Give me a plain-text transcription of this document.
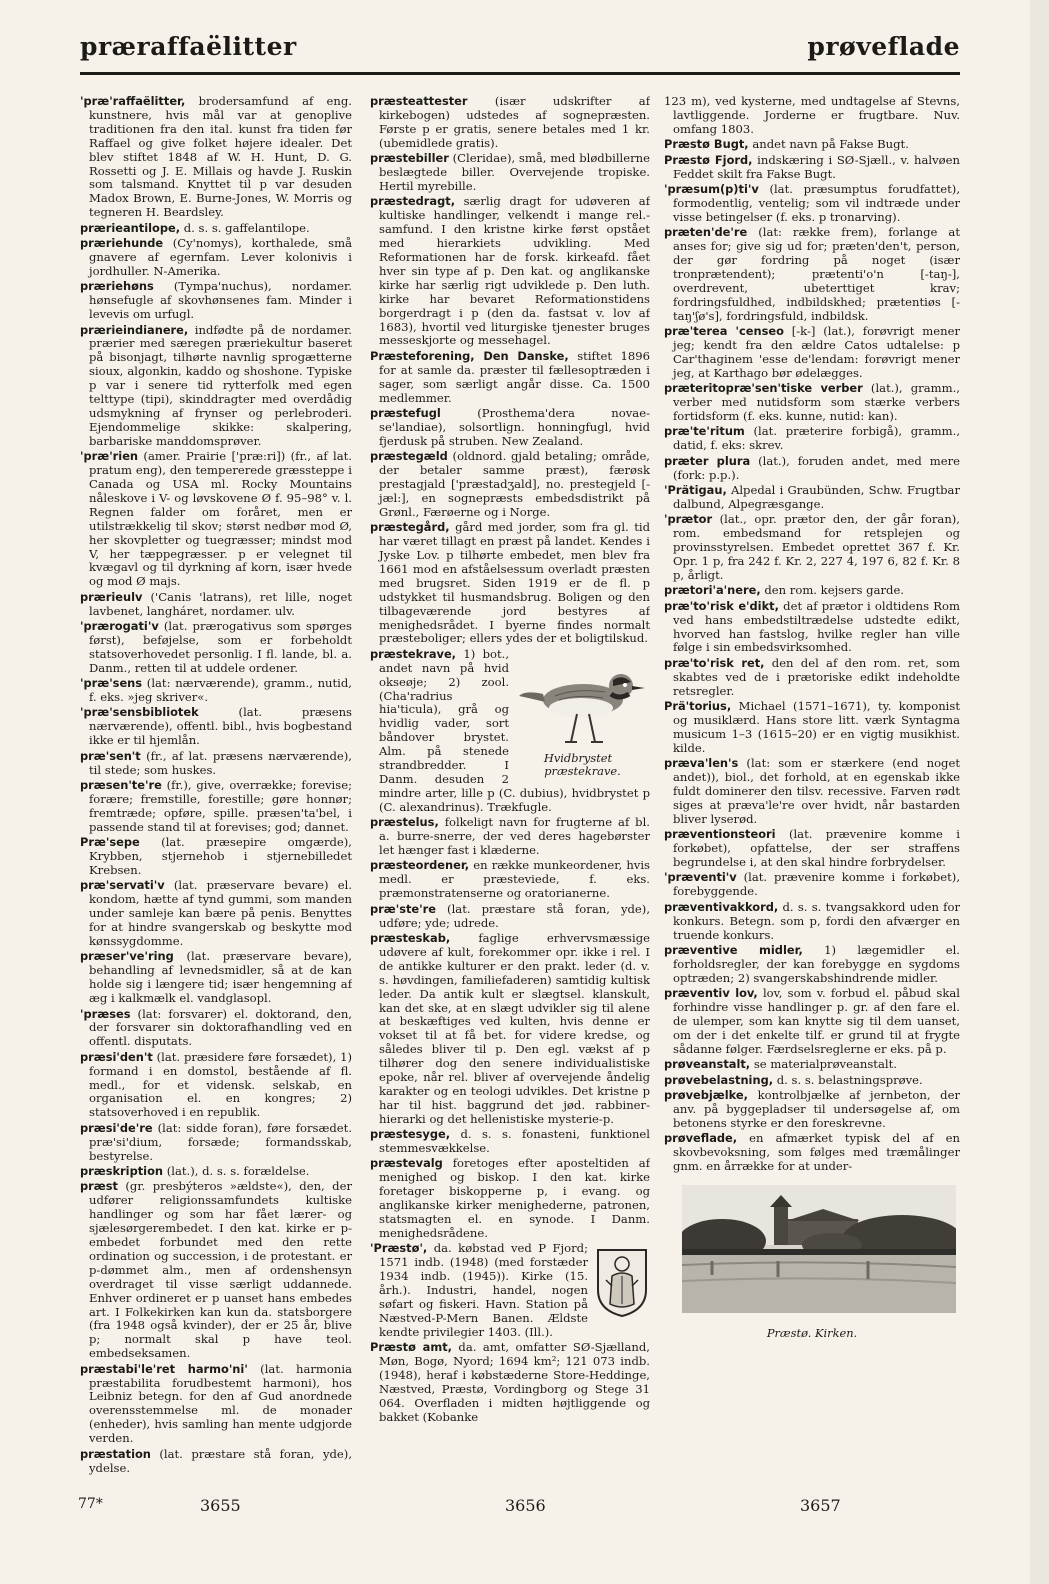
præraffaëlitter	prøveflade
'præ'raffaëlitter, brodersamfund af eng. kunstnere, hvis mål var at genoplive traditionen fra den ital. kunst fra tiden før Raffael og give folket højere idealer. Det blev stiftet 1848 af W. H. Hunt, D. G. Rossetti og J. E. Millais og havde J. Ruskin som talsmand. Knyttet til p var desuden Madox Brown, E. Burne-Jones, W. Morris og tegneren H. Beardsley.
prærieantilope, d. s. s. gaffelantilope.
præriehunde (Cy'nomys), korthalede, små gnavere af egernfam. Lever kolonivis i jordhuller. N-Amerika.
præriehøns (Tympa'nuchus), nordamer. hønsefugle af skovhønsenes fam. Minder i levevis om urfugl.
prærieindianere, indfødte på de nordamer. prærier med særegen præriekultur baseret på bisonjagt, tilhørte navnlig sprogætterne sioux, algonkin, kaddo og shoshone. Typiske p var i senere tid rytterfolk med egen telttype (tipi), skinddragter med overdådig udsmykning af frynser og perlebroderi. Ejendommelige skikke: skalpering, barbariske manddomsprøver.
'præ'rien (amer. Prairie ['præ:ri]) (fr., af lat. pratum eng), den tempererede græssteppe i Canada og USA ml. Rocky Mountains nåleskove i V- og løvskovene Ø f. 95–98° v. l. Regnen falder om foråret, men er utilstrækkelig til skov; størst nedbør mod Ø, her skovpletter og tuegræsser; mindst mod V, her tæppegræsser. p er velegnet til kvægavl og til dyrkning af korn, især hvede og mod Ø majs.
prærieulv ('Canis 'latrans), ret lille, noget lavbenet, langháret, nordamer. ulv.
'prærogati'v (lat. prærogativus som spørges først), beføjelse, som er forbeholdt statsoverhovedet personlig. I fl. lande, bl. a. Danm., retten til at uddele ordener.
'præ'sens (lat: nærværende), gramm., nutid, f. eks. »jeg skriver«.
'præ'sensbibliotek (lat. præsens nærværende), offentl. bibl., hvis bogbestand ikke er til hjemlån.
præ'sen't (fr., af lat. præsens nærværende), til stede; som huskes.
præsen'te're (fr.), give, overrække; forevise; forære; fremstille, forestille; gøre honnør; fremtræde; opføre, spille. præsen'ta'bel, i passende stand til at forevises; god; dannet.
Præ'sepe (lat. præsepire omgærde), Krybben, stjernehob i stjernebilledet Krebsen.
præ'servati'v (lat. præservare bevare) el. kondom, hætte af tynd gummi, som manden under samleje kan bære på penis. Benyttes for at hindre svangerskab og beskytte mod kønssygdomme.
præser've'ring (lat. præservare bevare), behandling af levnedsmidler, så at de kan holde sig i længere tid; især hengemning af æg i kalkmælk el. vandglasopl.
'præses (lat: forsvarer) el. doktorand, den, der forsvarer sin doktorafhandling ved en offentl. disputats.
præsi'den't (lat. præsidere føre forsædet), 1) formand i en domstol, bestående af fl. medl., for et vidensk. selskab, en organisation el. en kongres; 2) statsoverhoved i en republik.
præsi'de're (lat: sidde foran), føre forsædet. præ'si'dium, forsæde; formandsskab, bestyrelse.
præskription (lat.), d. s. s. forældelse.
præst (gr. presbýteros »ældste«), den, der udfører religionssamfundets kultiske handlinger og som har fået lærer- og sjælesørgerembedet. I den kat. kirke er p-embedet forbundet med den rette ordination og succession, i de protestant. er p-dømmet alm., men af ordenshensyn overdraget til visse særligt uddannede. Enhver ordineret er p uanset hans embedes art. I Folkekirken kan kun da. statsborgere (fra 1948 også kvinder), der er 25 år, blive p; normalt skal p have teol. embedseksamen.
præstabi'le'ret harmo'ni' (lat. harmonia præstabilita forudbestemt harmoni), hos Leibniz betegn. for den af Gud anordnede overensstemmelse ml. de monader (enheder), hvis samling han mente udgjorde verden.
præstation (lat. præstare stå foran, yde), ydelse.
præsteattester (især udskrifter af kirkebogen) udstedes af sognepræsten. Første p er gratis, senere betales med 1 kr. (ubemidlede gratis).
præstebiller (Cleridae), små, med blødbillerne beslægtede biller. Overvejende tropiske. Hertil myrebille.
præstedragt, særlig dragt for udøveren af kultiske handlinger, velkendt i mange rel.-samfund. I den kristne kirke først opstået med hierarkiets udvikling. Med Reformationen har de forsk. kirkeafd. fået hver sin type af p. Den kat. og anglikanske kirke har særlig rigt udviklede p. Den luth. kirke har bevaret Reformationstidens borgerdragt i p (den da. fastsat v. lov af 1683), hvortil ved liturgiske tjenester bruges messeskjorte og messehagel.
Præsteforening, Den Danske, stiftet 1896 for at samle da. præster til fællesoptræden i sager, som særligt angår disse. Ca. 1500 medlemmer.
præstefugl (Prosthema'dera novae-se'landiae), solsortlign. honningfugl, hvid fjerdusk på struben. New Zealand.
præstegæld (oldnord. gjald betaling; område, der betaler samme præst), færøsk prestagjald ['præstadʒald], no. prestegjeld [-jæl:], en sognepræsts embedsdistrikt på Grønl., Færøerne og i Norge.
præstegård, gård med jorder, som fra gl. tid har været tillagt en præst på landet. Kendes i Jyske Lov. p tilhørte embedet, men blev fra 1661 mod en afståelsessum overladt præsten med brugsret. Siden 1919 er de fl. p udstykket til husmandsbrug. Boligen og den tilbageværende jord bestyres af menighedsrådet. I byerne findes normalt præsteboliger; ellers ydes der et boligtilskud.
Hvidbrystet præstekrave.
præstekrave, 1) bot., andet navn på hvid okseøje; 2) zool. (Cha'radrius hia'ticula), grå og hvidlig vader, sort båndover brystet. Alm. på stenede strandbredder. I Danm. desuden 2 mindre arter, lille p (C. dubius), hvidbrystet p (C. alexandrinus). Trækfugle.
præstelus, folkeligt navn for frugterne af bl. a. burre-snerre, der ved deres hagebørster let hænger fast i klæderne.
præsteordener, en række munkeordener, hvis medl. er præsteviede, f. eks. præmonstratenserne og oratorianerne.
præ'ste're (lat. præstare stå foran, yde), udføre; yde; udrede.
præsteskab, faglige erhvervsmæssige udøvere af kult, forekommer opr. ikke i rel. I de antikke kulturer er den prakt. leder (d. v. s. høvdingen, familiefaderen) samtidig kultisk leder. Da antik kult er slægtsel. klanskult, kan det ske, at en slægt udvikler sig til alene at beskæftiges ved kulten, hvis denne er vokset til at få bet. for videre kredse, og således bliver til p. Den egl. vækst af p tilhører dog den senere individualistiske epoke, når rel. bliver af overvejende åndelig karakter og en teologi udvikles. Det kristne p har til hist. baggrund det jød. rabbiner-hierarki og det hellenistiske mysterie-p.
præstesyge, d. s. s. fonasteni, funktionel stemmesvækkelse.
præstevalg foretoges efter aposteltiden af menighed og biskop. I den kat. kirke foretager biskopperne p, i evang. og anglikanske kirker menighederne, patronen, statsmagten el. en synode. I Danm. menighedsrådene.
'Præstø', da. købstad ved P Fjord; 1571 indb. (1948) (med forstæder 1934 indb. (1945)). Kirke (15. årh.). Industri, handel, nogen søfart og fiskeri. Havn. Station på Næstved-P-Mern Banen. Ældste kendte privilegier 1403. (Ill.).
Præstø amt, da. amt, omfatter SØ-Sjælland, Møn, Bogø, Nyord; 1694 km²; 121 073 indb. (1948), heraf i købstæderne Store-Heddinge, Næstved, Præstø, Vordingborg og Stege 31 064. Overfladen i midten højtliggende og bakket (Kobanke
123 m), ved kysterne, med undtagelse af Stevns, lavtliggende. Jorderne er frugtbare. Nuv. omfang 1803.
Præstø Bugt, andet navn på Fakse Bugt.
Præstø Fjord, indskæring i SØ-Sjæll., v. halvøen Feddet skilt fra Fakse Bugt.
'præsum(p)ti'v (lat. præsumptus forudfattet), formodentlig, ventelig; som vil indtræde under visse betingelser (f. eks. p tronarving).
præten'de're (lat: række frem), forlange at anses for; give sig ud for; præten'den't, person, der gør fordring på noget (især tronprætendent); prætenti'o'n [-taŋ-], overdrevent, ubeterttiget krav; fordringsfuldhed, indbildskhed; prætentiøs [-taŋ'ʃø's], fordringsfuld, indbildsk.
præ'terea 'censeo [-k-] (lat.), forøvrigt mener jeg; kendt fra den ældre Catos udtalelse: p Car'thaginem 'esse de'lendam: forøvrigt mener jeg, at Karthago bør ødelægges.
præteritopræ'sen'tiske verber (lat.), gramm., verber med nutidsform som stærke verbers fortidsform (f. eks. kunne, nutid: kan).
præ'te'ritum (lat. præterire forbigå), gramm., datid, f. eks: skrev.
præter plura (lat.), foruden andet, med mere (fork: p.p.).
'Prätigau, Alpedal i Graubünden, Schw. Frugtbar dalbund, Alpegræsgange.
'prætor (lat., opr. prætor den, der går foran), rom. embedsmand for retsplejen og provinsstyrelsen. Embedet oprettet 367 f. Kr. Opr. 1 p, fra 242 f. Kr. 2, 227 4, 197 6, 82 f. Kr. 8 p, årligt.
prætori'a'nere, den rom. kejsers garde.
præ'to'risk e'dikt, det af prætor i oldtidens Rom ved hans embedstiltrædelse udstedte edikt, hvorved han fastslog, hvilke regler han ville følge i sin embedsvirksomhed.
præ'to'risk ret, den del af den rom. ret, som skabtes ved de i prætoriske edikt indeholdte retsregler.
Prä'torius, Michael (1571–1671), ty. komponist og musiklærd. Hans store litt. værk Syntagma musicum 1–3 (1615–20) er en vigtig musikhist. kilde.
præva'len's (lat: som er stærkere (end noget andet)), biol., det forhold, at en egenskab ikke fuldt dominerer den tilsv. recessive. Farven rødt siges at præva'le're over hvidt, når bastarden bliver lyserød.
præventionsteori (lat. prævenire komme i forkøbet), opfattelse, der ser straffens begrundelse i, at den skal hindre forbrydelser.
'præventi'v (lat. prævenire komme i forkøbet), forebyggende.
præventivakkord, d. s. s. tvangsakkord uden for konkurs. Betegn. som p, fordi den afværger en truende konkurs.
præventive midler, 1) lægemidler el. forholdsregler, der kan forebygge en sygdoms optræden; 2) svangerskabshindrende midler.
præventiv lov, lov, som v. forbud el. påbud skal forhindre visse handlinger p. gr. af den fare el. de ulemper, som kan knytte sig til dem uanset, om der i det enkelte tilf. er grund til at frygte sådanne følger. Færdselsreglerne er eks. på p.
prøveanstalt, se materialprøveanstalt.
prøvebelastning, d. s. s. belastningsprøve.
prøvebjælke, kontrolbjælke af jernbeton, der anv. på byggepladser til undersøgelse af, om betonens styrke er den foreskrevne.
prøveflade, en afmærket typisk del af en skovbevoksning, som følges med træmålinger gnm. en årrække for at under-
Præstø. Kirken.
77*	3655	3656	3657
